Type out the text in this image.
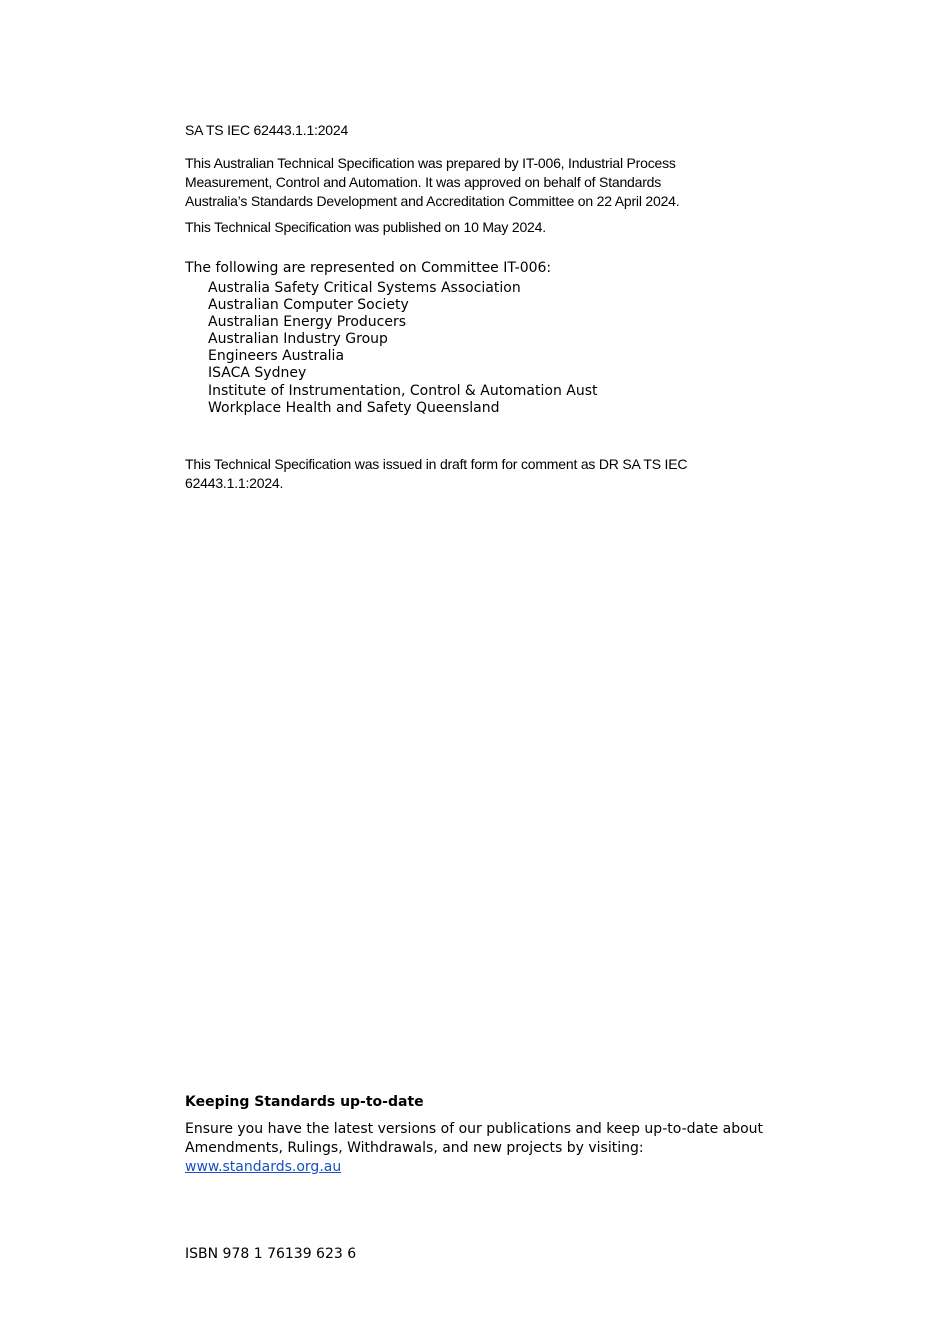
SA TS IEC 62443.1.1:2024

This Australian Technical Specification was prepared by IT-006, Industrial Process Measurement, Control and Automation. It was approved on behalf of Standards Australia’s Standards Development and Accreditation Committee on 22 April 2024.

This Technical Specification was published on 10 May 2024.

The following are represented on Committee IT-006:

Australia Safety Critical Systems Association
Australian Computer Society
Australian Energy Producers
Australian Industry Group
Engineers Australia
ISACA Sydney
Institute of Instrumentation, Control & Automation Aust
Workplace Health and Safety Queensland

This Technical Specification was issued in draft form for comment as DR SA TS IEC 62443.1.1:2024.

Keeping Standards up-to-date

Ensure you have the latest versions of our publications and keep up-to-date about Amendments, Rulings, Withdrawals, and new projects by visiting:
www.standards.org.au

ISBN 978 1 76139 623 6
